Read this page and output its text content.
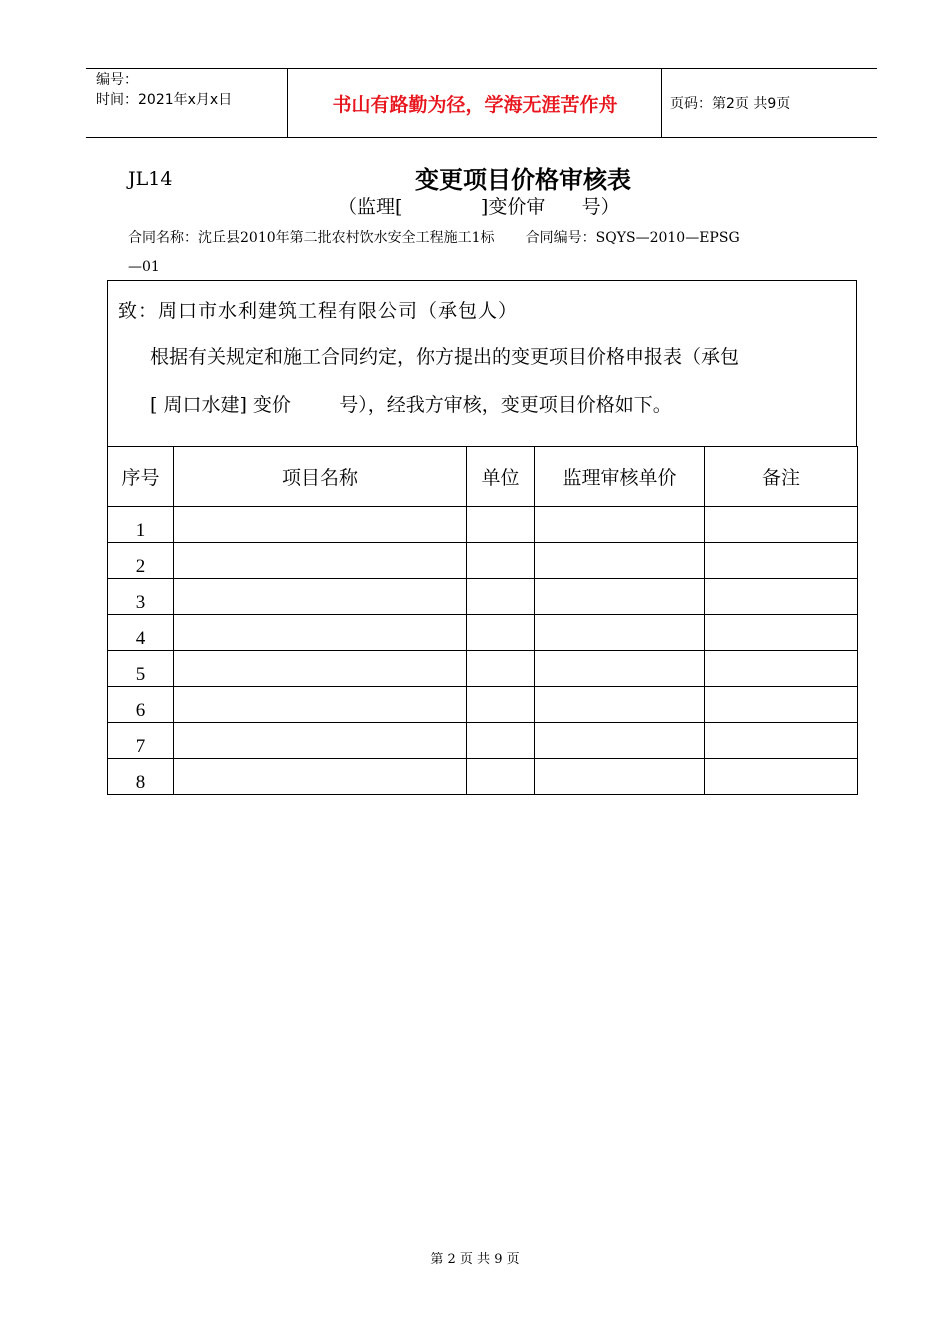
编号：
时间：2021年x月x日	书山有路勤为径，学海无涯苦作舟	页码：第2页 共9页
JL14	变更项目价格审核表
（监理[             ]变价审      号）
合同名称：沈丘县2010年第二批农村饮水安全工程施工1标       合同编号：SQYS—2010—EPSG
—01
致：周口市水利建筑工程有限公司（承包人）
根据有关规定和施工合同约定，你方提出的变更项目价格申报表（承包
[ 周口水建] 变价        号），经我方审核，变更项目价格如下。
序号	项目名称	单位	监理审核单价	备注
1				
2				
3				
4				
5				
6				
7				
8				
第 2 页 共 9 页
